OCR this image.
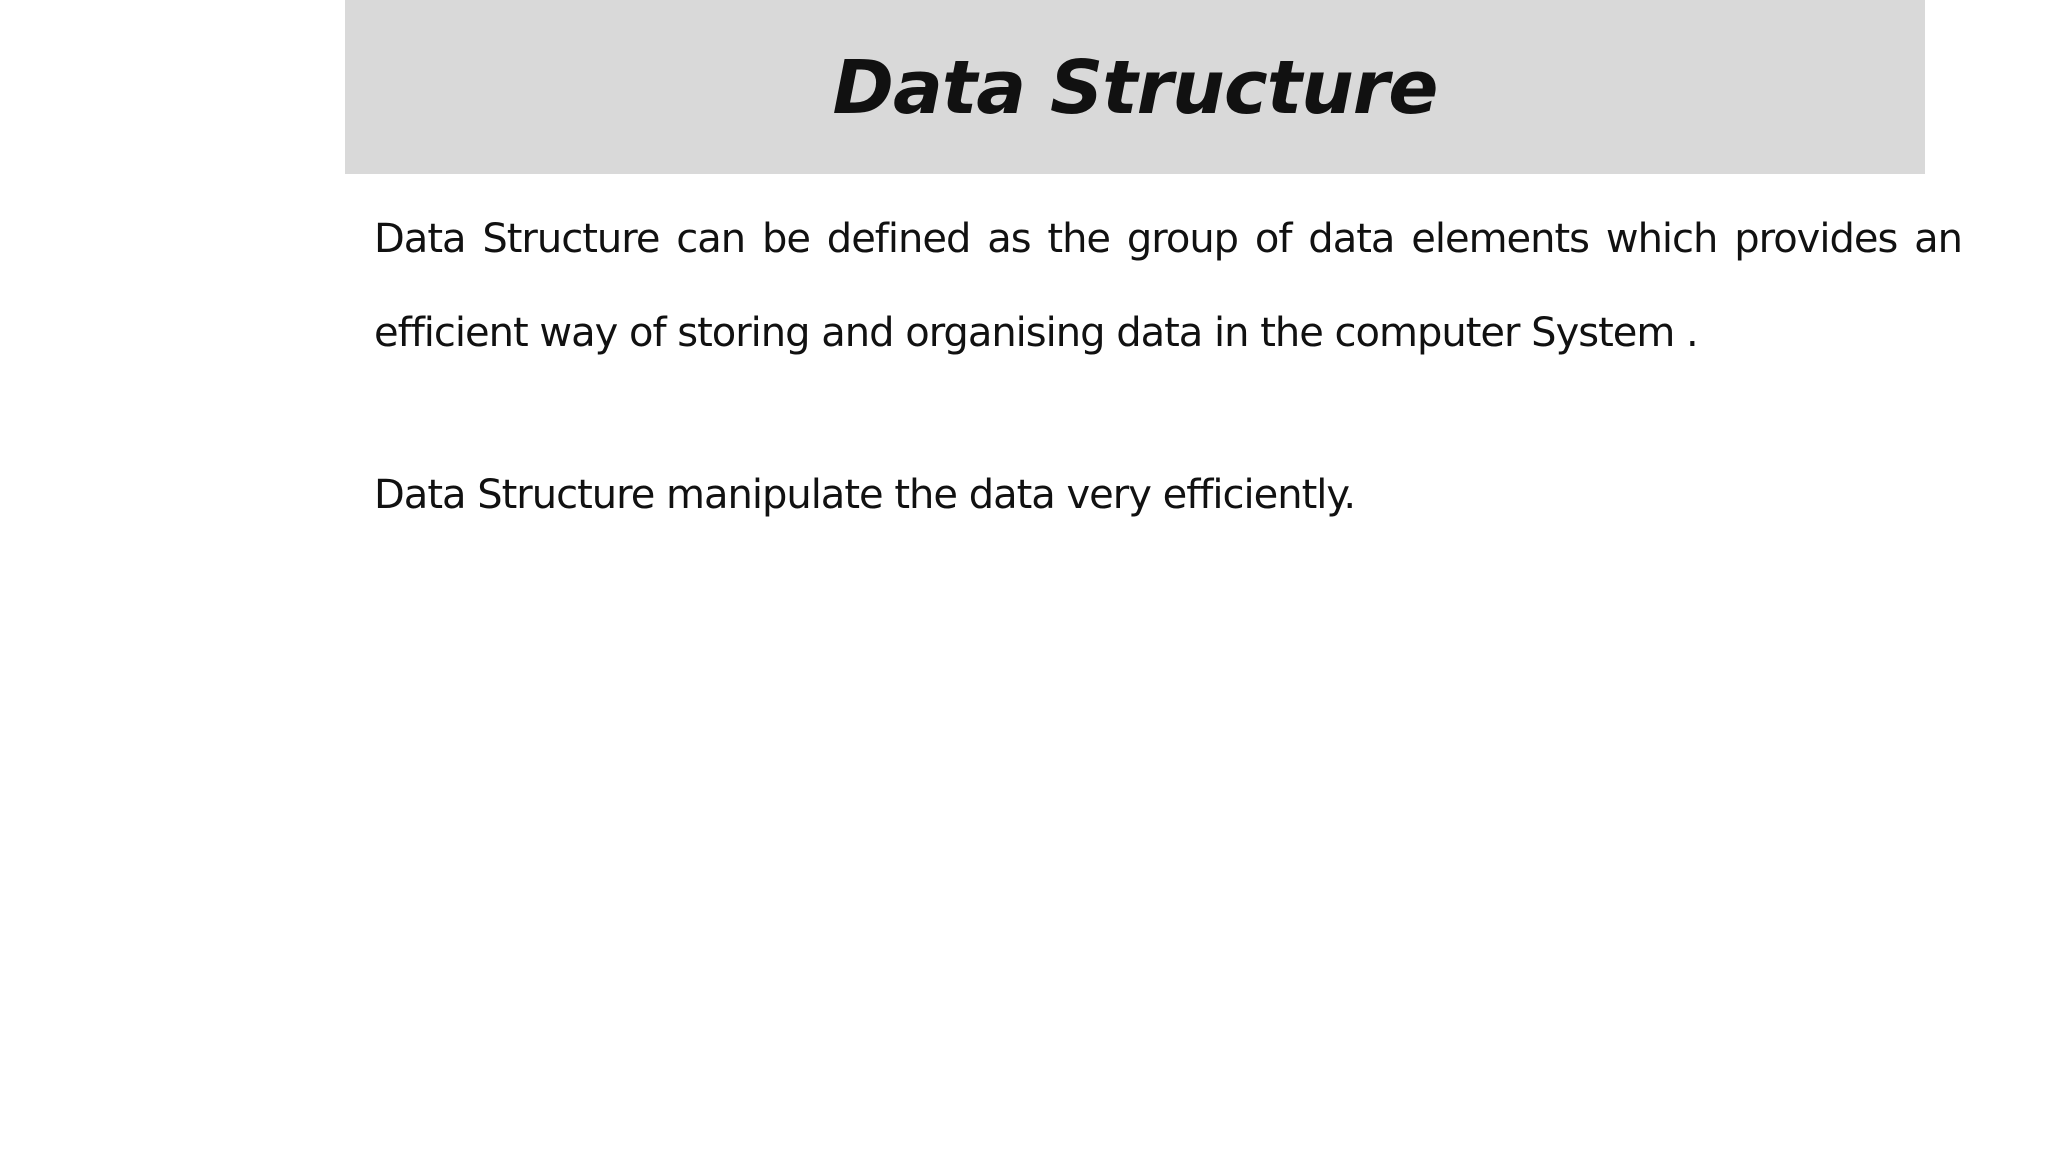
Data Structure

Data Structure can be defined as the group of data elements which provides an efficient way of storing and organising data in the computer System .

Data Structure manipulate the data very efficiently.
